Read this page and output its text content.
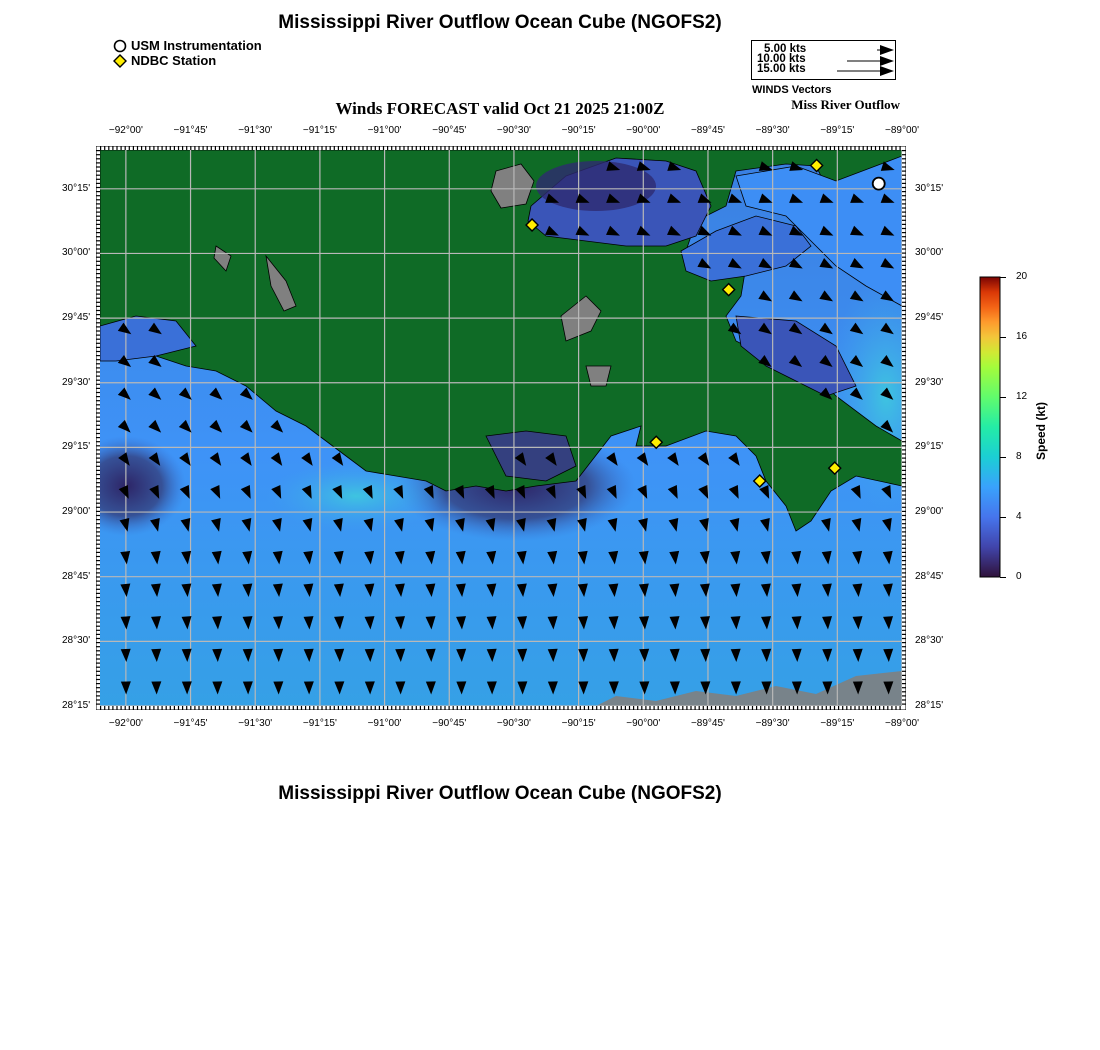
Mississippi River Outflow Ocean Cube (NGOFS2)
USM Instrumentation
NDBC Station
5.00 kts
10.00 kts
15.00 kts
WINDS Vectors
Winds FORECAST valid Oct 21 2025 21:00Z	Miss River Outflow
−92°00'	−91°45'	−91°30'	−91°15'	−91°00'	−90°45'	−90°30'	−90°15'	−90°00'	−89°45'	−89°30'	−89°15'	−89°00'
−92°00'	−91°45'	−91°30'	−91°15'	−91°00'	−90°45'	−90°30'	−90°15'	−90°00'	−89°45'	−89°30'	−89°15'	−89°00'
30°15'
30°00'
29°45'
29°30'
29°15'
29°00'
28°45'
28°30'
28°15'
30°15'
30°00'
29°45'
29°30'
29°15'
29°00'
28°45'
28°30'
28°15'
20
16
12
8
4
0
Speed (kt)
Mississippi River Outflow Ocean Cube (NGOFS2)
